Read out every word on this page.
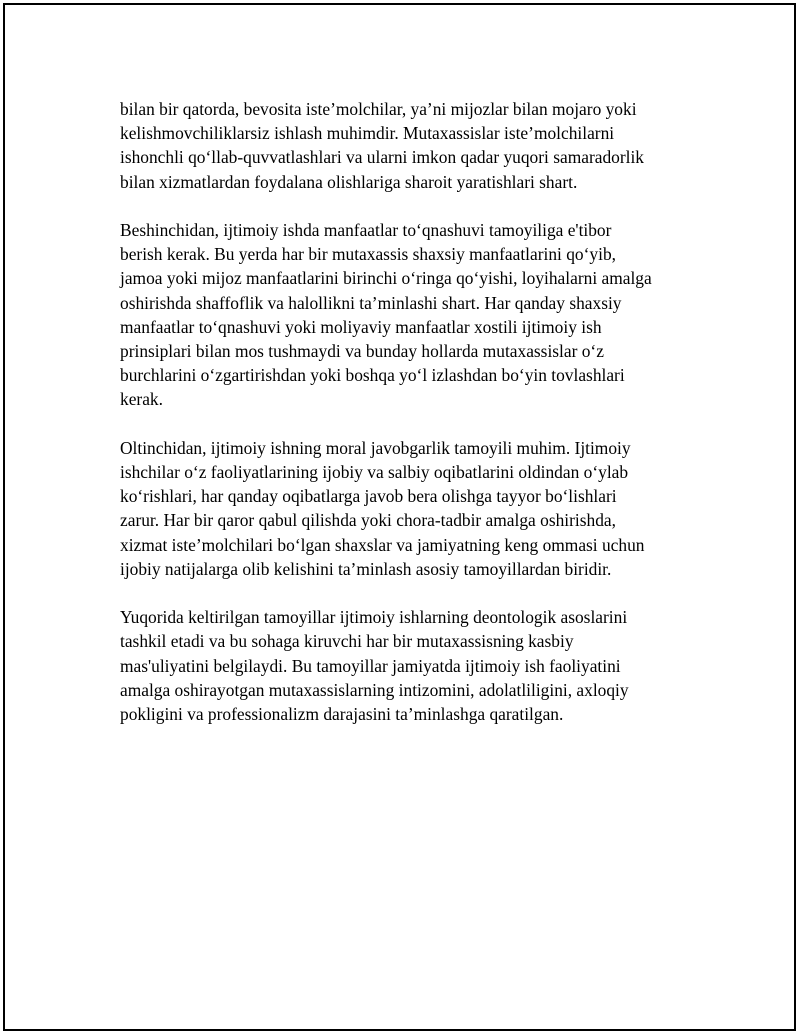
bilan bir qatorda, bevosita iste’molchilar, ya’ni mijozlar bilan mojaro yoki
kelishmovchiliklarsiz ishlash muhimdir. Mutaxassislar iste’molchilarni
ishonchli qo‘llab-quvvatlashlari va ularni imkon qadar yuqori samaradorlik
bilan xizmatlardan foydalana olishlariga sharoit yaratishlari shart.

Beshinchidan, ijtimoiy ishda manfaatlar to‘qnashuvi tamoyiliga e'tibor
berish kerak. Bu yerda har bir mutaxassis shaxsiy manfaatlarini qo‘yib,
jamoa yoki mijoz manfaatlarini birinchi o‘ringa qo‘yishi, loyihalarni amalga
oshirishda shaffoflik va halollikni ta’minlashi shart. Har qanday shaxsiy
manfaatlar to‘qnashuvi yoki moliyaviy manfaatlar xostili ijtimoiy ish
prinsiplari bilan mos tushmaydi va bunday hollarda mutaxassislar o‘z
burchlarini o‘zgartirishdan yoki boshqa yo‘l izlashdan bo‘yin tovlashlari
kerak.

Oltinchidan, ijtimoiy ishning moral javobgarlik tamoyili muhim. Ijtimoiy
ishchilar o‘z faoliyatlarining ijobiy va salbiy oqibatlarini oldindan o‘ylab
ko‘rishlari, har qanday oqibatlarga javob bera olishga tayyor bo‘lishlari
zarur. Har bir qaror qabul qilishda yoki chora-tadbir amalga oshirishda,
xizmat iste’molchilari bo‘lgan shaxslar va jamiyatning keng ommasi uchun
ijobiy natijalarga olib kelishini ta’minlash asosiy tamoyillardan biridir.

Yuqorida keltirilgan tamoyillar ijtimoiy ishlarning deontologik asoslarini
tashkil etadi va bu sohaga kiruvchi har bir mutaxassisning kasbiy
mas'uliyatini belgilaydi. Bu tamoyillar jamiyatda ijtimoiy ish faoliyatini
amalga oshirayotgan mutaxassislarning intizomini, adolatliligini, axloqiy
pokligini va professionalizm darajasini ta’minlashga qaratilgan.
